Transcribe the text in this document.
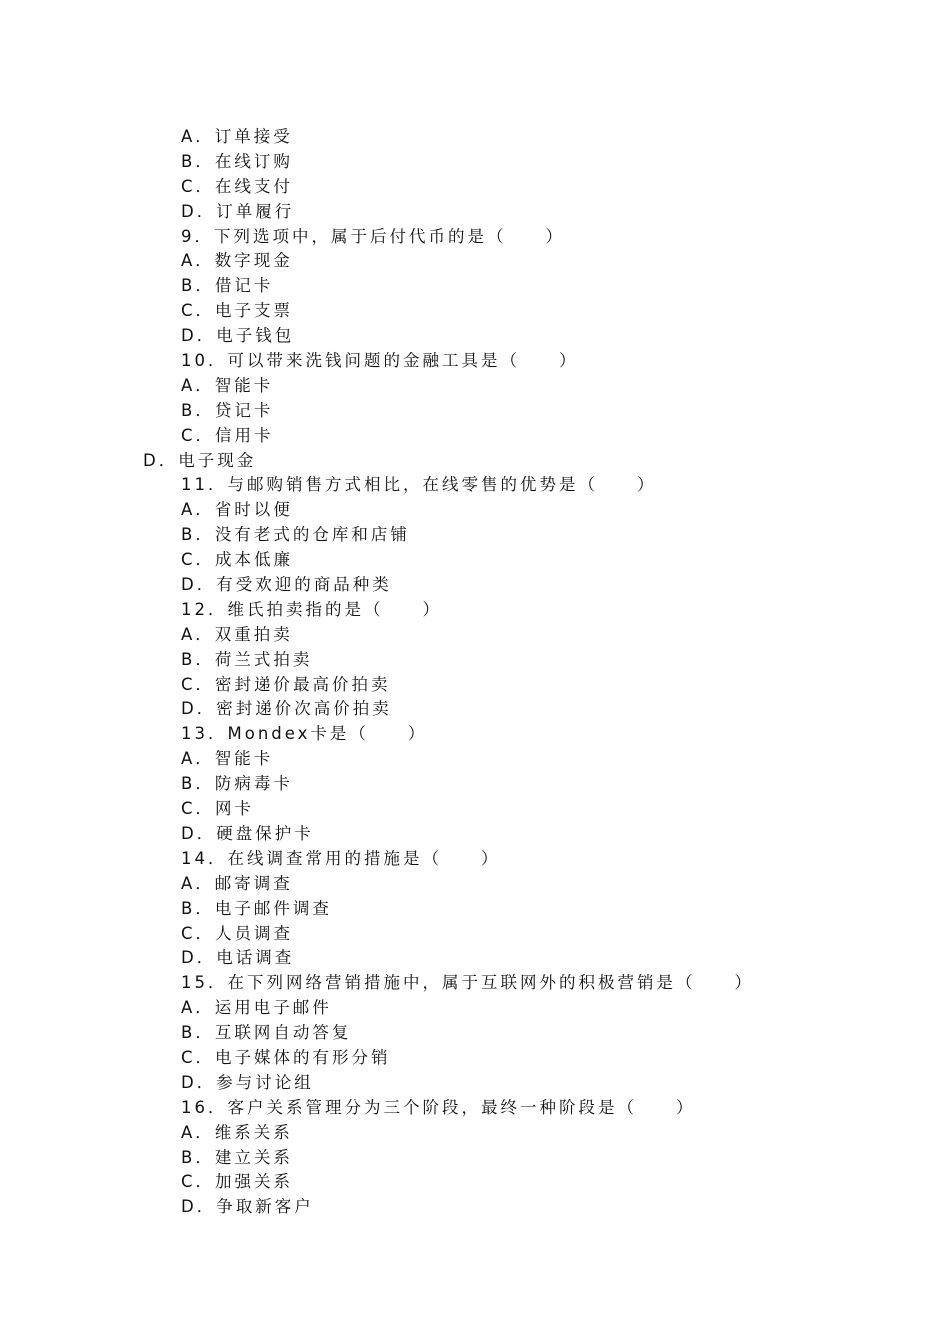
A．订单接受
B．在线订购
C．在线支付
D．订单履行
9．下列选项中，属于后付代币的是（　　）
A．数字现金
B．借记卡
C．电子支票
D．电子钱包
10．可以带来洗钱问题的金融工具是（　　）
A．智能卡
B．贷记卡
C．信用卡
D．电子现金
11．与邮购销售方式相比，在线零售的优势是（　　）
A．省时以便
B．没有老式的仓库和店铺
C．成本低廉
D．有受欢迎的商品种类
12．维氏拍卖指的是（　　）
A．双重拍卖
B．荷兰式拍卖
C．密封递价最高价拍卖
D．密封递价次高价拍卖
13．Mondex卡是（　　）
A．智能卡
B．防病毒卡
C．网卡
D．硬盘保护卡
14．在线调查常用的措施是（　　）
A．邮寄调查
B．电子邮件调查
C．人员调查
D．电话调查
15．在下列网络营销措施中，属于互联网外的积极营销是（　　）
A．运用电子邮件
B．互联网自动答复
C．电子媒体的有形分销
D．参与讨论组
16．客户关系管理分为三个阶段，最终一种阶段是（　　）
A．维系关系
B．建立关系
C．加强关系
D．争取新客户
